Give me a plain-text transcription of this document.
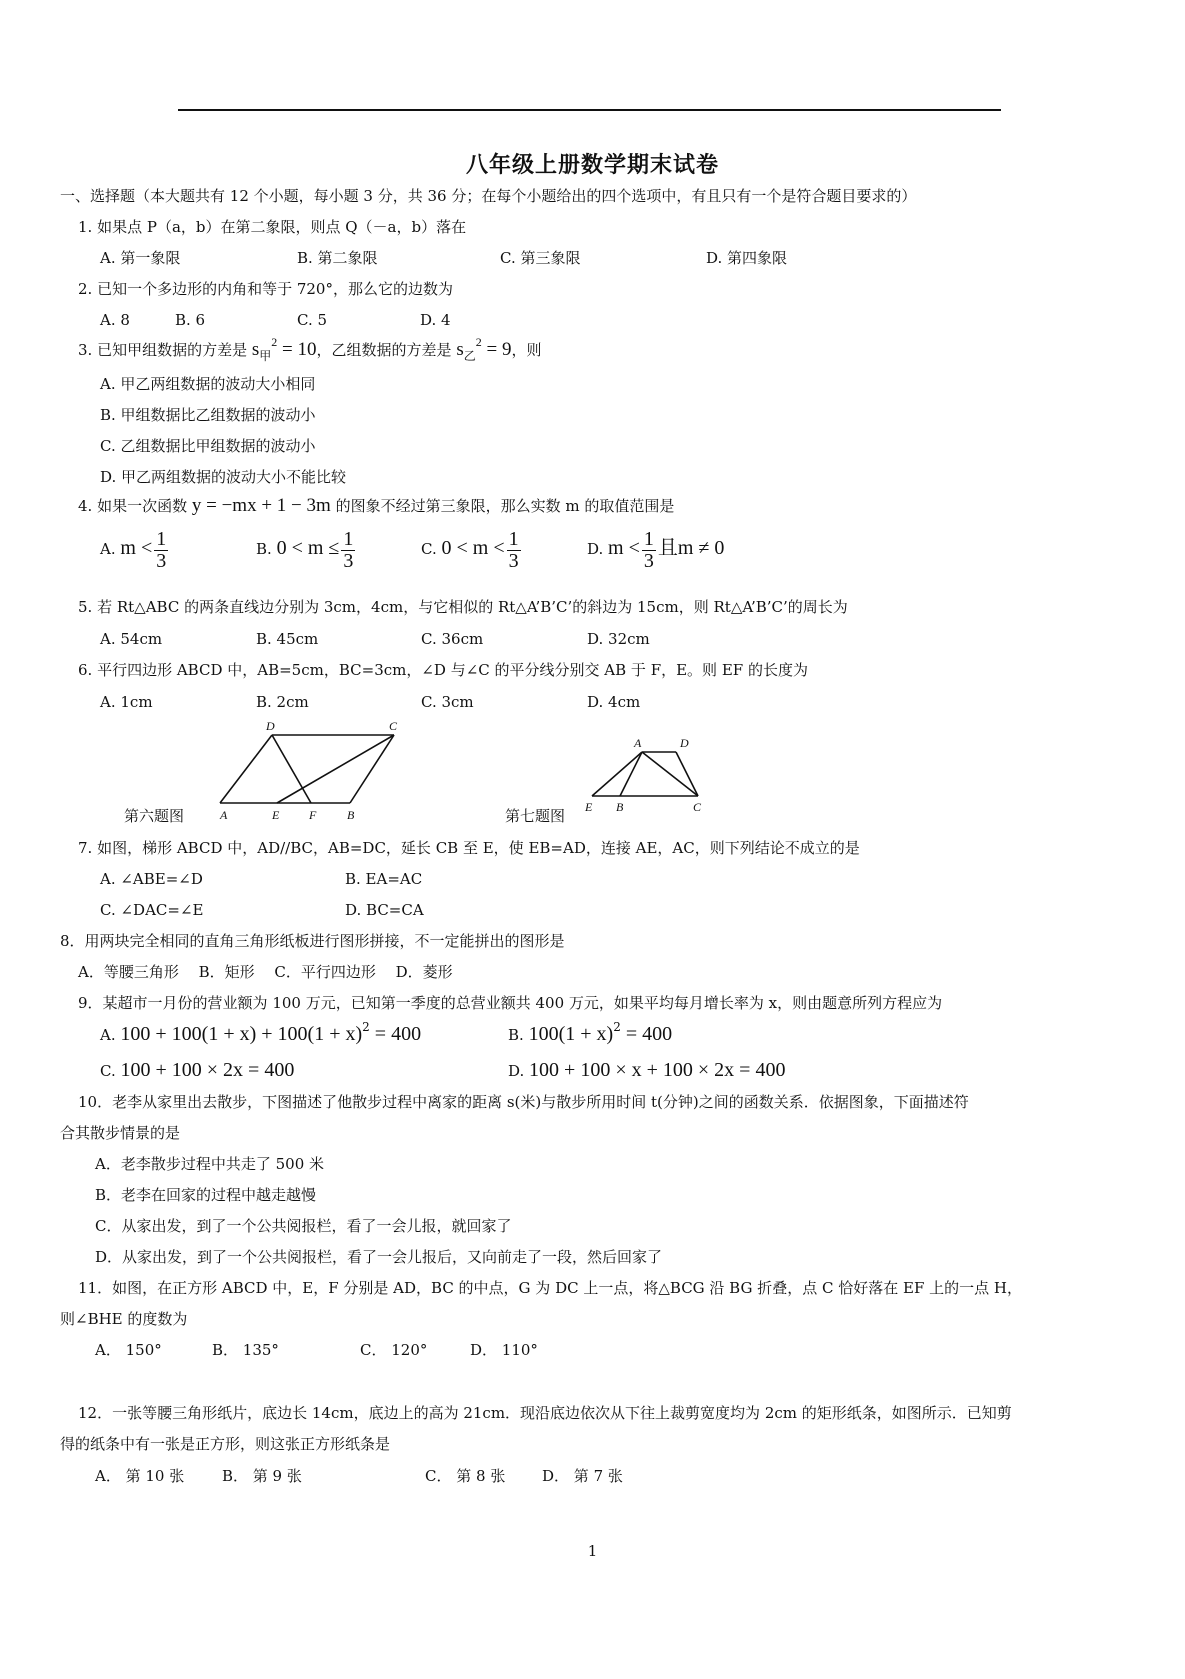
八年级上册数学期末试卷
一、选择题（本大题共有 12 个小题，每小题 3 分，共 36 分；在每个小题给出的四个选项中，有且只有一个是符合题目要求的）
1. 如果点 P（a，b）在第二象限，则点 Q（－a，b）落在
A. 第一象限	B. 第二象限	C. 第三象限	D. 第四象限
2. 已知一个多边形的内角和等于 720°，那么它的边数为
A. 8	B. 6	C. 5	D. 4
3. 已知甲组数据的方差是 $s_甲^2 = 10$，乙组数据的方差是 $s_乙^2 = 9$，则
A. 甲乙两组数据的波动大小相同
B. 甲组数据比乙组数据的波动小
C. 乙组数据比甲组数据的波动小
D. 甲乙两组数据的波动大小不能比较
4. 如果一次函数 y = −mx + 1 − 3m 的图象不经过第三象限，那么实数 m 的取值范围是
A. $m < \frac{1}{3}$	B. $0 < m \le \frac{1}{3}$	C. $0 < m < \frac{1}{3}$	D. $m < \frac{1}{3}$ 且m ≠ 0
5. 若 Rt△ABC 的两条直线边分别为 3cm，4cm，与它相似的 Rt△A’B’C’的斜边为 15cm，则 Rt△A’B’C’的周长为
A. 54cm	B. 45cm	C. 36cm	D. 32cm
6. 平行四边形 ABCD 中，AB=5cm，BC=3cm，∠D 与∠C 的平分线分别交 AB 于 F，E。则 EF 的长度为
A. 1cm	B. 2cm	C. 3cm	D. 4cm
D	C
A	E F	B
A	D
E B	C
第六题图	第七题图
7. 如图，梯形 ABCD 中，AD//BC，AB=DC，延长 CB 至 E，使 EB=AD，连接 AE，AC，则下列结论不成立的是
A. ∠ABE=∠D	B. EA=AC
C. ∠DAC=∠E	D. BC=CA
8．用两块完全相同的直角三角形纸板进行图形拼接，不一定能拼出的图形是
A．等腰三角形　 B．矩形　 C．平行四边形　 D．菱形
9．某超市一月份的营业额为 100 万元，已知第一季度的总营业额共 400 万元，如果平均每月增长率为 x，则由题意所列方程应为
A. $100 + 100(1 + x) + 100(1 + x)^2 = 400$	B. $100(1 + x)^2 = 400$
C. 100 + 100 × 2x = 400	D. 100 + 100 × x + 100 × 2x = 400
10．老李从家里出去散步，下图描述了他散步过程中离家的距离 s(米)与散步所用时间 t(分钟)之间的函数关系．依据图象，下面描述符
合其散步情景的是
A．老李散步过程中共走了 500 米
B．老李在回家的过程中越走越慢
C．从家出发，到了一个公共阅报栏，看了一会儿报，就回家了
D．从家出发，到了一个公共阅报栏，看了一会儿报后，又向前走了一段，然后回家了
11．如图，在正方形 ABCD 中，E，F 分别是 AD，BC 的中点，G 为 DC 上一点，将△BCG 沿 BG 折叠，点 C 恰好落在 EF 上的一点 H，
则∠BHE 的度数为
A． 150°	B． 135°	C． 120°	D． 110°
12．一张等腰三角形纸片，底边长 14cm，底边上的高为 21cm．现沿底边依次从下往上裁剪宽度均为 2cm 的矩形纸条，如图所示．已知剪
得的纸条中有一张是正方形，则这张正方形纸条是
A． 第 10 张	B． 第 9 张	C． 第 8 张 D． 第 7 张
1
